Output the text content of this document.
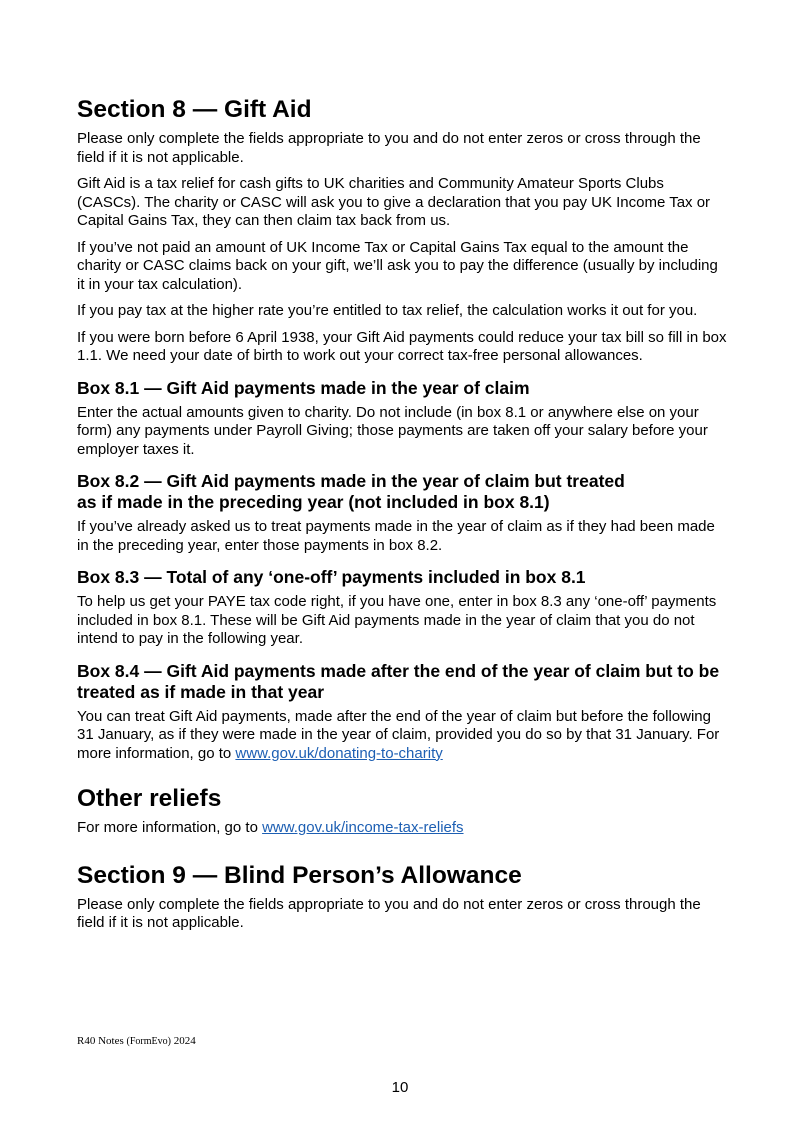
Section 8 — Gift Aid

Please only complete the fields appropriate to you and do not enter zeros or cross through the field if it is not applicable.

Gift Aid is a tax relief for cash gifts to UK charities and Community Amateur Sports Clubs (CASCs). The charity or CASC will ask you to give a declaration that you pay UK Income Tax or Capital Gains Tax, they can then claim tax back from us.

If you’ve not paid an amount of UK Income Tax or Capital Gains Tax equal to the amount the charity or CASC claims back on your gift, we’ll ask you to pay the difference (usually by including it in your tax calculation).

If you pay tax at the higher rate you’re entitled to tax relief, the calculation works it out for you.

If you were born before 6 April 1938, your Gift Aid payments could reduce your tax bill so fill in box 1.1. We need your date of birth to work out your correct tax-free personal allowances.

Box 8.1 — Gift Aid payments made in the year of claim

Enter the actual amounts given to charity. Do not include (in box 8.1 or anywhere else on your form) any payments under Payroll Giving; those payments are taken off your salary before your employer taxes it.

Box 8.2 — Gift Aid payments made in the year of claim but treated
as if made in the preceding year (not included in box 8.1)

If you’ve already asked us to treat payments made in the year of claim as if they had been made in the preceding year, enter those payments in box 8.2.

Box 8.3 — Total of any ‘one-off’ payments included in box 8.1

To help us get your PAYE tax code right, if you have one, enter in box 8.3 any ‘one-off’ payments included in box 8.1. These will be Gift Aid payments made in the year of claim that you do not intend to pay in the following year.

Box 8.4 — Gift Aid payments made after the end of the year of claim but to be treated as if made in that year

You can treat Gift Aid payments, made after the end of the year of claim but before the following 31 January, as if they were made in the year of claim, provided you do so by that 31 January. For more information, go to www.gov.uk/donating-to-charity

Other reliefs

For more information, go to www.gov.uk/income-tax-reliefs

Section 9 — Blind Person’s Allowance

Please only complete the fields appropriate to you and do not enter zeros or cross through the field if it is not applicable.

R40 Notes (FormEvo) 2024
10
